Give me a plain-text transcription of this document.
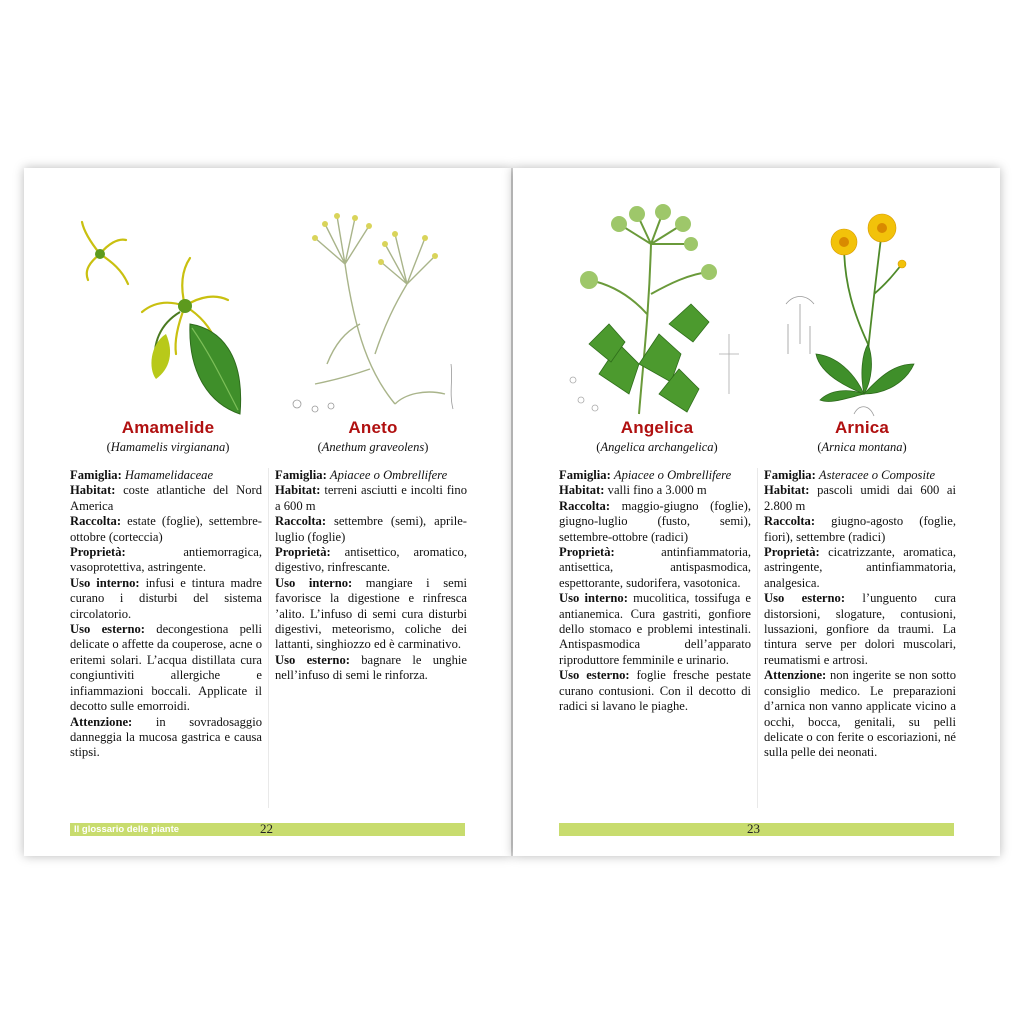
Amamelide
(Hamamelis virgianana)

Famiglia: Hamamelidaceae

Habitat: coste atlantiche del Nord America

Raccolta: estate (foglie), settembre-ottobre (corteccia)

Proprietà:	antiemorragica, vasoprotettiva, astringente.

Uso interno: infusi e tintura madre curano i disturbi del sistema circolatorio.

Uso esterno: decongestiona pelli delicate o affette da couperose, acne o eritemi solari. L’acqua distillata cura congiuntiviti allergiche e infiammazioni boccali. Applicate il decotto sulle emorroidi.

Attenzione: in sovradosaggio danneggia la mucosa gastrica e causa stipsi.

Aneto
(Anethum graveolens)

Famiglia: Apiacee o Ombrellifere

Habitat: terreni asciutti e incolti fino a 600 m

Raccolta: settembre (semi), aprile-luglio (foglie)

Proprietà: antisettico, aromatico, digestivo, rinfrescante.

Uso interno: mangiare i semi favorisce la digestione e rinfresca ’alito. L’infuso di semi cura disturbi digestivi, meteorismo, coliche dei lattanti, singhiozzo ed è carminativo.

Uso esterno: bagnare le unghie nell’infuso di semi le rinforza.

Il glossario delle piante	22
Angelica
(Angelica archangelica)

Famiglia: Apiacee o Ombrellifere

Habitat: valli fino a 3.000 m

Raccolta: maggio-giugno (foglie), giugno-luglio (fusto, semi), settembre-ottobre (radici)

Proprietà:	antinfiammatoria, antisettica, antispasmodica, espettorante, sudorifera, vasotonica.

Uso interno: mucolitica, tossifuga e antianemica. Cura gastriti, gonfiore dello stomaco e problemi intestinali. Antispasmodica dell’apparato riproduttore femminile e urinario.

Uso esterno: foglie fresche pestate curano contusioni. Con il decotto di radici si lavano le piaghe.

Arnica
(Arnica montana)

Famiglia: Asteracee o Composite

Habitat: pascoli umidi dai 600 ai 2.800 m

Raccolta: giugno-agosto (foglie, fiori), settembre (radici)

Proprietà: cicatrizzante, aromatica, astringente, antinfiammatoria, analgesica.

Uso esterno: l’unguento cura distorsioni, slogature, contusioni, lussazioni, gonfiore da traumi. La tintura serve per dolori muscolari, reumatismi e artrosi.

Attenzione: non ingerite se non sotto consiglio medico. Le preparazioni d’arnica non vanno applicate vicino a occhi, bocca, genitali, su pelli delicate o con ferite o escoriazioni, né sulla pelle dei neonati.

23
